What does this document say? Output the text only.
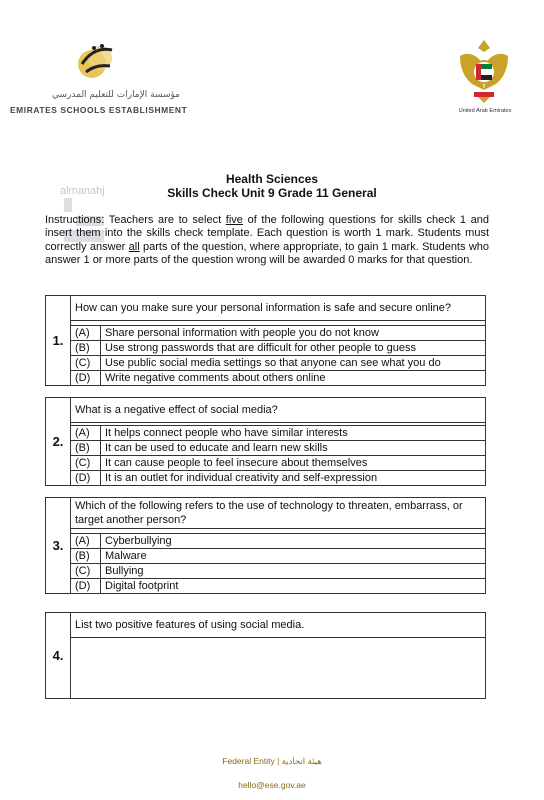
مؤسسة الإمارات للتعليم المدرسي
EMIRATES SCHOOLS ESTABLISHMENT	United Arab Emirates
almanahj
Health Sciences
Skills Check Unit 9 Grade 11 General
Instructions: Teachers are to select five of the following questions for skills check 1 and insert them into the skills check template. Each question is worth 1 mark. Students must correctly answer all parts of the question, where appropriate, to gain 1 mark. Students who answer 1 or more parts of the question wrong will be awarded 0 marks for that question.
1.	How can you make sure your personal information is safe and secure online?	

	(A)	Share personal information with people you do not know
	(B)	Use strong passwords that are difficult for other people to guess
	(C)	Use public social media settings so that anyone can see what you do
	(D)	Write negative comments about others online
2.	What is a negative effect of social media?	

	(A)	It helps connect people who have similar interests
	(B)	It can be used to educate and learn new skills
	(C)	It can cause people to feel insecure about themselves
	(D)	It is an outlet for individual creativity and self-expression
3.	Which of the following refers to the use of technology to threaten, embarrass, or target another person?	

	(A)	Cyberbullying
	(B)	Malware
	(C)	Bullying
	(D)	Digital footprint
4.	List two positive features of using social media.

Federal Entity | هيئة اتحادية
hello@ese.gov.ae
